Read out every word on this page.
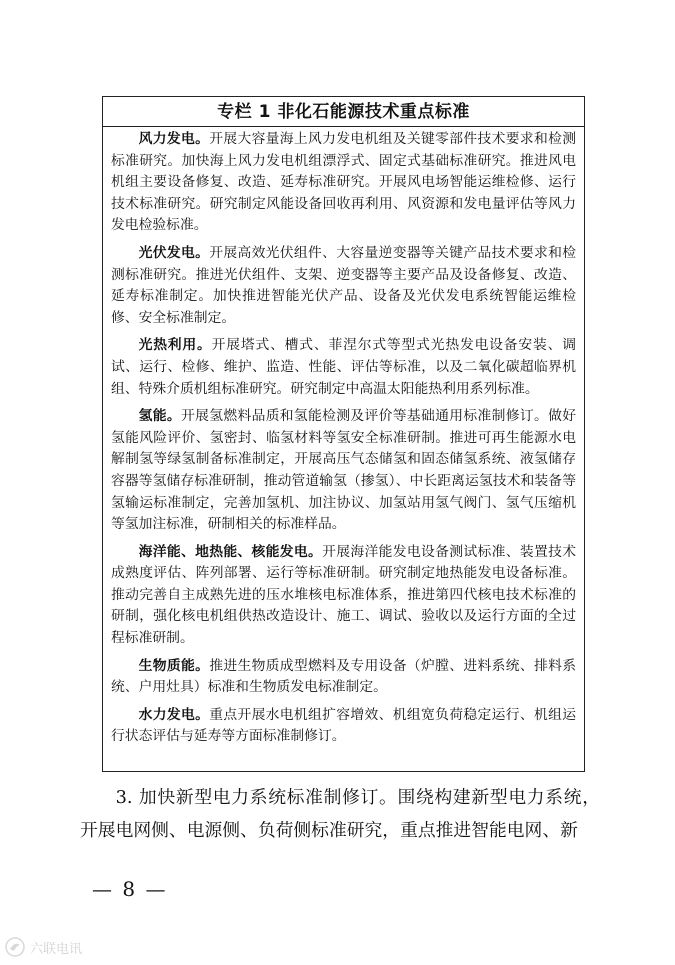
专栏 1 非化石能源技术重点标准

风力发电。开展大容量海上风力发电机组及关键零部件技术要求和检测标准研究。加快海上风力发电机组漂浮式、固定式基础标准研究。推进风电机组主要设备修复、改造、延寿标准研究。开展风电场智能运维检修、运行技术标准研究。研究制定风能设备回收再利用、风资源和发电量评估等风力发电检验标准。

光伏发电。开展高效光伏组件、大容量逆变器等关键产品技术要求和检测标准研究。推进光伏组件、支架、逆变器等主要产品及设备修复、改造、延寿标准制定。加快推进智能光伏产品、设备及光伏发电系统智能运维检修、安全标准制定。

光热利用。开展塔式、槽式、菲涅尔式等型式光热发电设备安装、调试、运行、检修、维护、监造、性能、评估等标准，以及二氧化碳超临界机组、特殊介质机组标准研究。研究制定中高温太阳能热利用系列标准。

氢能。开展氢燃料品质和氢能检测及评价等基础通用标准制修订。做好氢能风险评价、氢密封、临氢材料等氢安全标准研制。推进可再生能源水电解制氢等绿氢制备标准制定，开展高压气态储氢和固态储氢系统、液氢储存容器等氢储存标准研制，推动管道输氢（掺氢）、中长距离运氢技术和装备等氢输运标准制定，完善加氢机、加注协议、加氢站用氢气阀门、氢气压缩机等氢加注标准，研制相关的标准样品。

海洋能、地热能、核能发电。开展海洋能发电设备测试标准、装置技术成熟度评估、阵列部署、运行等标准研制。研究制定地热能发电设备标准。推动完善自主成熟先进的压水堆核电标准体系，推进第四代核电技术标准的研制，强化核电机组供热改造设计、施工、调试、验收以及运行方面的全过程标准研制。

生物质能。推进生物质成型燃料及专用设备（炉膛、进料系统、排料系统、户用灶具）标准和生物质发电标准制定。

水力发电。重点开展水电机组扩容增效、机组宽负荷稳定运行、机组运行状态评估与延寿等方面标准制修订。

3. 加快新型电力系统标准制修订。围绕构建新型电力系统，开展电网侧、电源侧、负荷侧标准研究，重点推进智能电网、新

— 8 —
六联电讯
